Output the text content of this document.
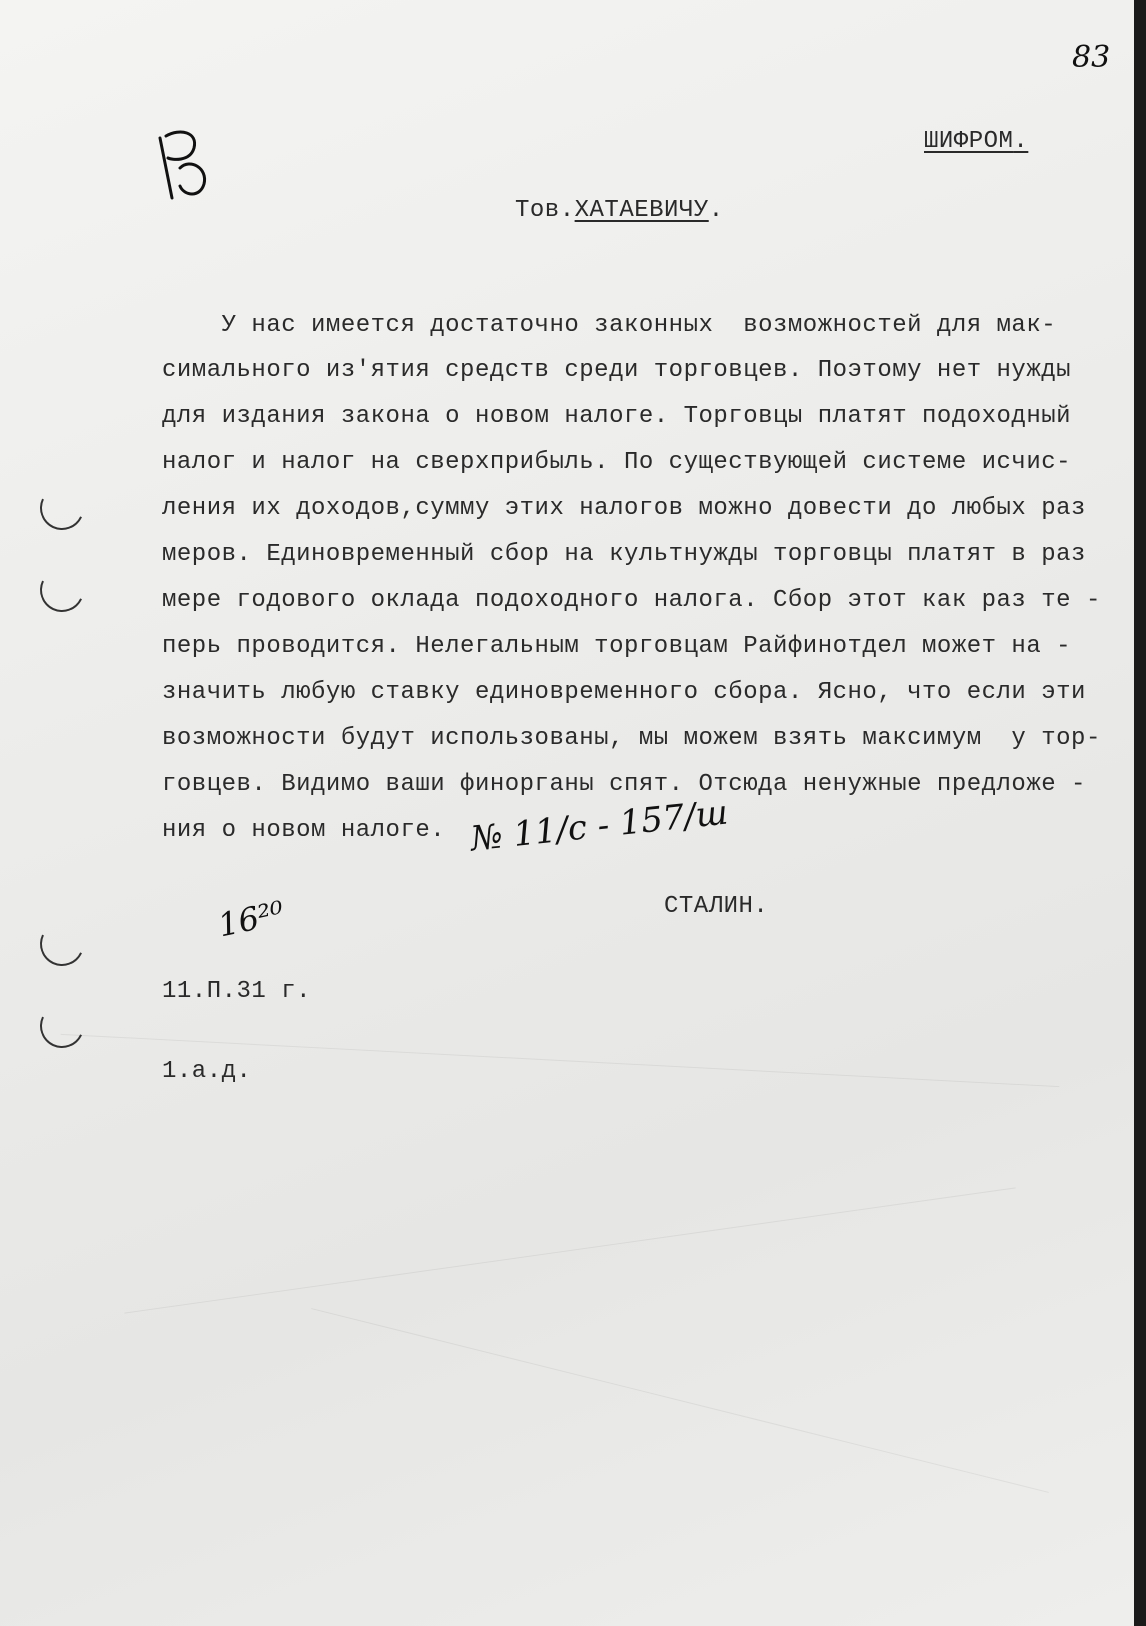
83
ШИФРОМ.
Тов.ХАТАЕВИЧУ.
У нас имеется достаточно законных  возможностей для мак-
симального из'ятия средств среди торговцев. Поэтому нет нужды
для издания закона о новом налоге. Торговцы платят подоходный
налог и налог на сверхприбыль. По существующей системе исчис-
ления их доходов,сумму этих налогов можно довести до любых раз
меров. Единовременный сбор на культнужды торговцы платят в раз
мере годового оклада подоходного налога. Сбор этот как раз те -
перь проводится. Нелегальным торговцам Райфинотдел может на -
значить любую ставку единовременного сбора. Ясно, что если эти
возможности будут использованы, мы можем взять максимум  у тор-
говцев. Видимо ваши финорганы спят. Отсюда ненужные предложе -
ния о новом налоге. № 11/с - 157/ш
СТАЛИН.
16²⁰
11.П.31 г.
1.а.д.
